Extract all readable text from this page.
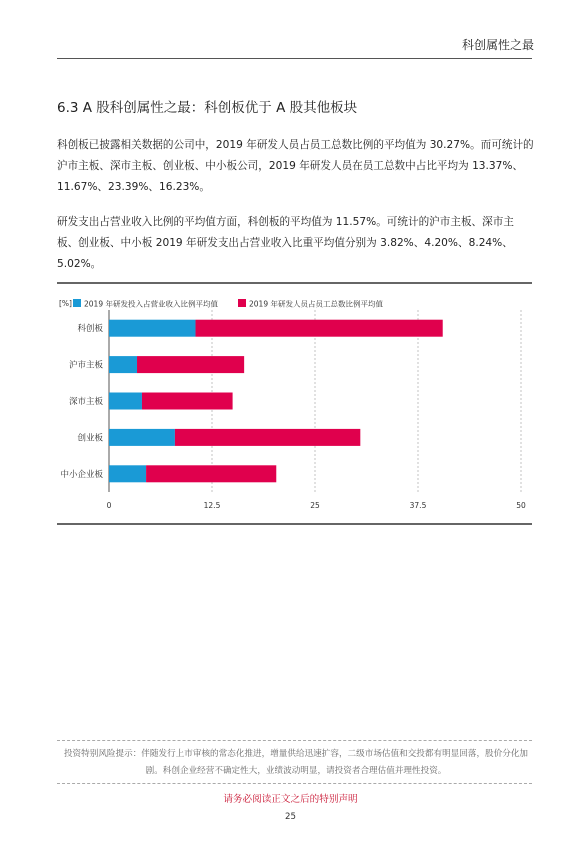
科创属性之最
6.3 A 股科创属性之最：科创板优于 A 股其他板块

科创板已披露相关数据的公司中，2019 年研发人员占员工总数比例的平均值为 30.27%。而可统计的沪市主板、深市主板、创业板、中小板公司，2019 年研发人员在员工总数中占比平均为 13.37%、11.67%、23.39%、16.23%。

研发支出占营业收入比例的平均值方面，科创板的平均值为 11.57%。可统计的沪市主板、深市主板、创业板、中小板 2019 年研发支出占营业收入比重平均值分别为 3.82%、4.20%、8.24%、5.02%。

[%] 2019 年研发投入占营业收入比例平均值	2019 年研发人员占员工总数比例平均值
0	12.5	25	37.5	50
科创板
沪市主板
深市主板
创业板
中小企业板

投资特别风险提示：伴随发行上市审核的常态化推进，增量供给迅速扩容，二级市场估值和交投都有明显回落，股价分化加剧。科创企业经营不确定性大，业绩波动明显，请投资者合理估值并理性投资。

请务必阅读正文之后的特别声明
25
